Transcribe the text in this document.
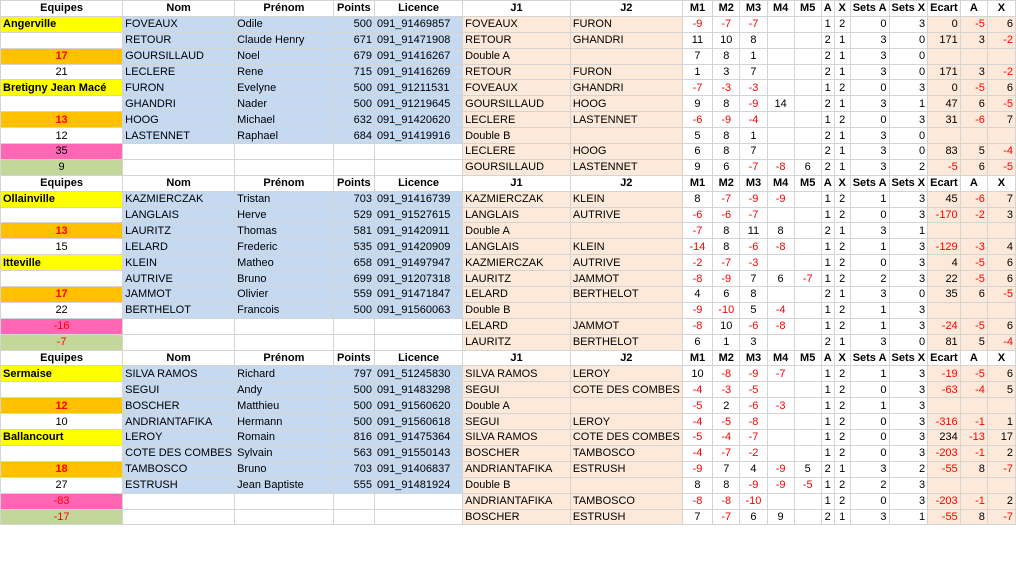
Equipes	Nom	Prénom	Points	Licence	J1	J2	M1	M2	M3	M4	M5	A	X	Sets A	Sets X	Ecart	A	X
Angerville	FOVEAUX	Odile	500	091_91469857	FOVEAUX	FURON	-9	-7	-7			1	2	0	3	0	-5	6
	RETOUR	Claude Henry	671	091_91471908	RETOUR	GHANDRI	11	10	8			2	1	3	0	171	3	-2
17	GOURSILLAUD	Noel	679	091_91416267	Double A		7	8	1			2	1	3	0			
21	LECLERE	Rene	715	091_91416269	RETOUR	FURON	1	3	7			2	1	3	0	171	3	-2
Bretigny Jean Macé	FURON	Evelyne	500	091_91211531	FOVEAUX	GHANDRI	-7	-3	-3			1	2	0	3	0	-5	6
	GHANDRI	Nader	500	091_91219645	GOURSILLAUD	HOOG	9	8	-9	14		2	1	3	1	47	6	-5
13	HOOG	Michael	632	091_91420620	LECLERE	LASTENNET	-6	-9	-4			1	2	0	3	31	-6	7
12	LASTENNET	Raphael	684	091_91419916	Double B		5	8	1			2	1	3	0			
35					LECLERE	HOOG	6	8	7			2	1	3	0	83	5	-4
9					GOURSILLAUD	LASTENNET	9	6	-7	-8	6	2	1	3	2	-5	6	-5
Equipes	Nom	Prénom	Points	Licence	J1	J2	M1	M2	M3	M4	M5	A	X	Sets A	Sets X	Ecart	A	X
Ollainville	KAZMIERCZAK	Tristan	703	091_91416739	KAZMIERCZAK	KLEIN	8	-7	-9	-9		1	2	1	3	45	-6	7
	LANGLAIS	Herve	529	091_91527615	LANGLAIS	AUTRIVE	-6	-6	-7			1	2	0	3	-170	-2	3
13	LAURITZ	Thomas	581	091_91420911	Double A		-7	8	11	8		2	1	3	1			
15	LELARD	Frederic	535	091_91420909	LANGLAIS	KLEIN	-14	8	-6	-8		1	2	1	3	-129	-3	4
Itteville	KLEIN	Matheo	658	091_91497947	KAZMIERCZAK	AUTRIVE	-2	-7	-3			1	2	0	3	4	-5	6
	AUTRIVE	Bruno	699	091_91207318	LAURITZ	JAMMOT	-8	-9	7	6	-7	1	2	2	3	22	-5	6
17	JAMMOT	Olivier	559	091_91471847	LELARD	BERTHELOT	4	6	8			2	1	3	0	35	6	-5
22	BERTHELOT	Francois	500	091_91560063	Double B		-9	-10	5	-4		1	2	1	3			
-16					LELARD	JAMMOT	-8	10	-6	-8		1	2	1	3	-24	-5	6
-7					LAURITZ	BERTHELOT	6	1	3			2	1	3	0	81	5	-4
Equipes	Nom	Prénom	Points	Licence	J1	J2	M1	M2	M3	M4	M5	A	X	Sets A	Sets X	Ecart	A	X
Sermaise	SILVA RAMOS	Richard	797	091_51245830	SILVA RAMOS	LEROY	10	-8	-9	-7		1	2	1	3	-19	-5	6
	SEGUI	Andy	500	091_91483298	SEGUI	COTE DES COMBES	-4	-3	-5			1	2	0	3	-63	-4	5
12	BOSCHER	Matthieu	500	091_91560620	Double A		-5	2	-6	-3		1	2	1	3			
10	ANDRIANTAFIKA	Hermann	500	091_91560618	SEGUI	LEROY	-4	-5	-8			1	2	0	3	-316	-1	1
Ballancourt	LEROY	Romain	816	091_91475364	SILVA RAMOS	COTE DES COMBES	-5	-4	-7			1	2	0	3	234	-13	17
	COTE DES COMBES	Sylvain	563	091_91550143	BOSCHER	TAMBOSCO	-4	-7	-2			1	2	0	3	-203	-1	2
18	TAMBOSCO	Bruno	703	091_91406837	ANDRIANTAFIKA	ESTRUSH	-9	7	4	-9	5	2	1	3	2	-55	8	-7
27	ESTRUSH	Jean Baptiste	555	091_91481924	Double B		8	8	-9	-9	-5	1	2	2	3			
-83					ANDRIANTAFIKA	TAMBOSCO	-8	-8	-10			1	2	0	3	-203	-1	2
-17					BOSCHER	ESTRUSH	7	-7	6	9		2	1	3	1	-55	8	-7
